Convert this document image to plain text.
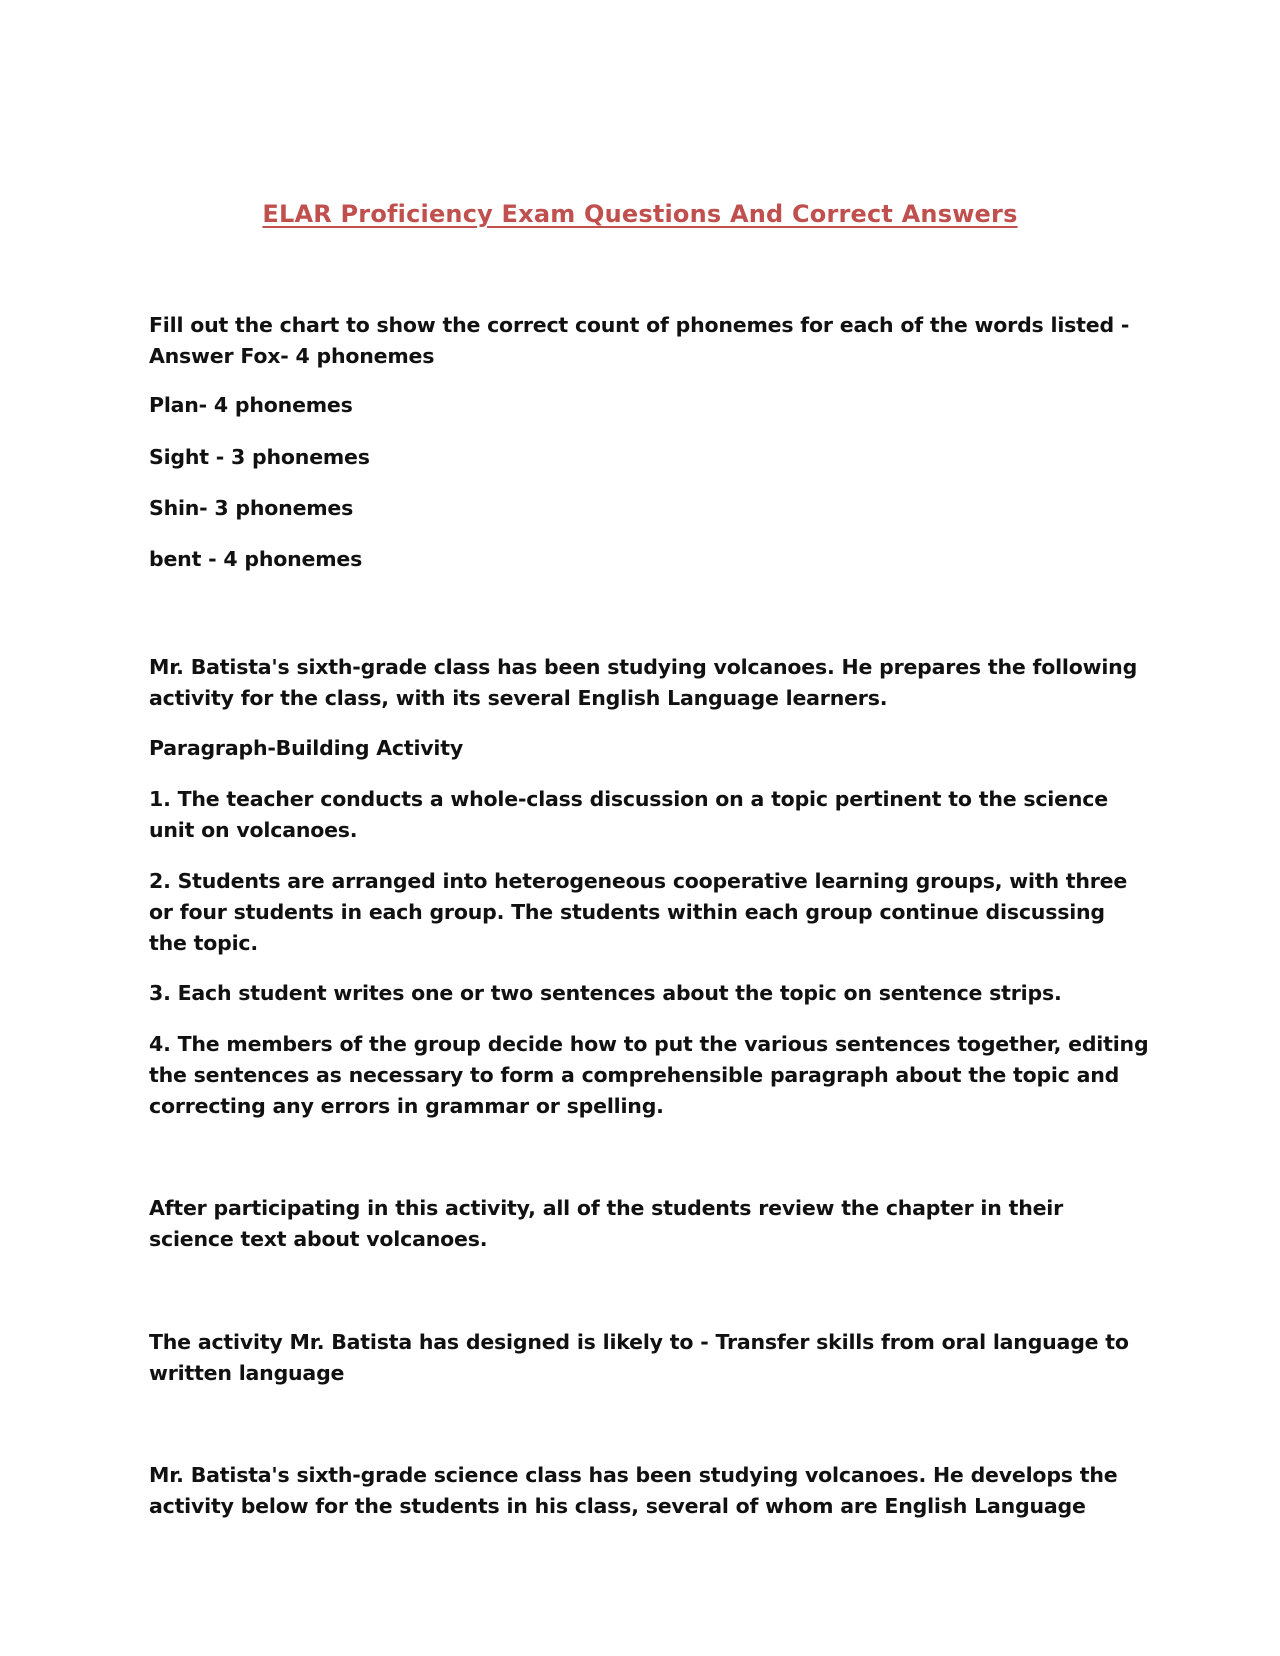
ELAR Proficiency Exam Questions And Correct Answers

Fill out the chart to show the correct count of phonemes for each of the words listed - Answer Fox- 4 phonemes

Plan- 4 phonemes

Sight - 3 phonemes

Shin- 3 phonemes

bent - 4 phonemes

Mr. Batista's sixth-grade class has been studying volcanoes. He prepares the following activity for the class, with its several English Language learners.

Paragraph-Building Activity

1. The teacher conducts a whole-class discussion on a topic pertinent to the science unit on volcanoes.

2. Students are arranged into heterogeneous cooperative learning groups, with three or four students in each group. The students within each group continue discussing the topic.

3. Each student writes one or two sentences about the topic on sentence strips.

4. The members of the group decide how to put the various sentences together, editing the sentences as necessary to form a comprehensible paragraph about the topic and correcting any errors in grammar or spelling.

After participating in this activity, all of the students review the chapter in their science text about volcanoes.

The activity Mr. Batista has designed is likely to - Transfer skills from oral language to written language

Mr. Batista's sixth-grade science class has been studying volcanoes. He develops the activity below for the students in his class, several of whom are English Language
